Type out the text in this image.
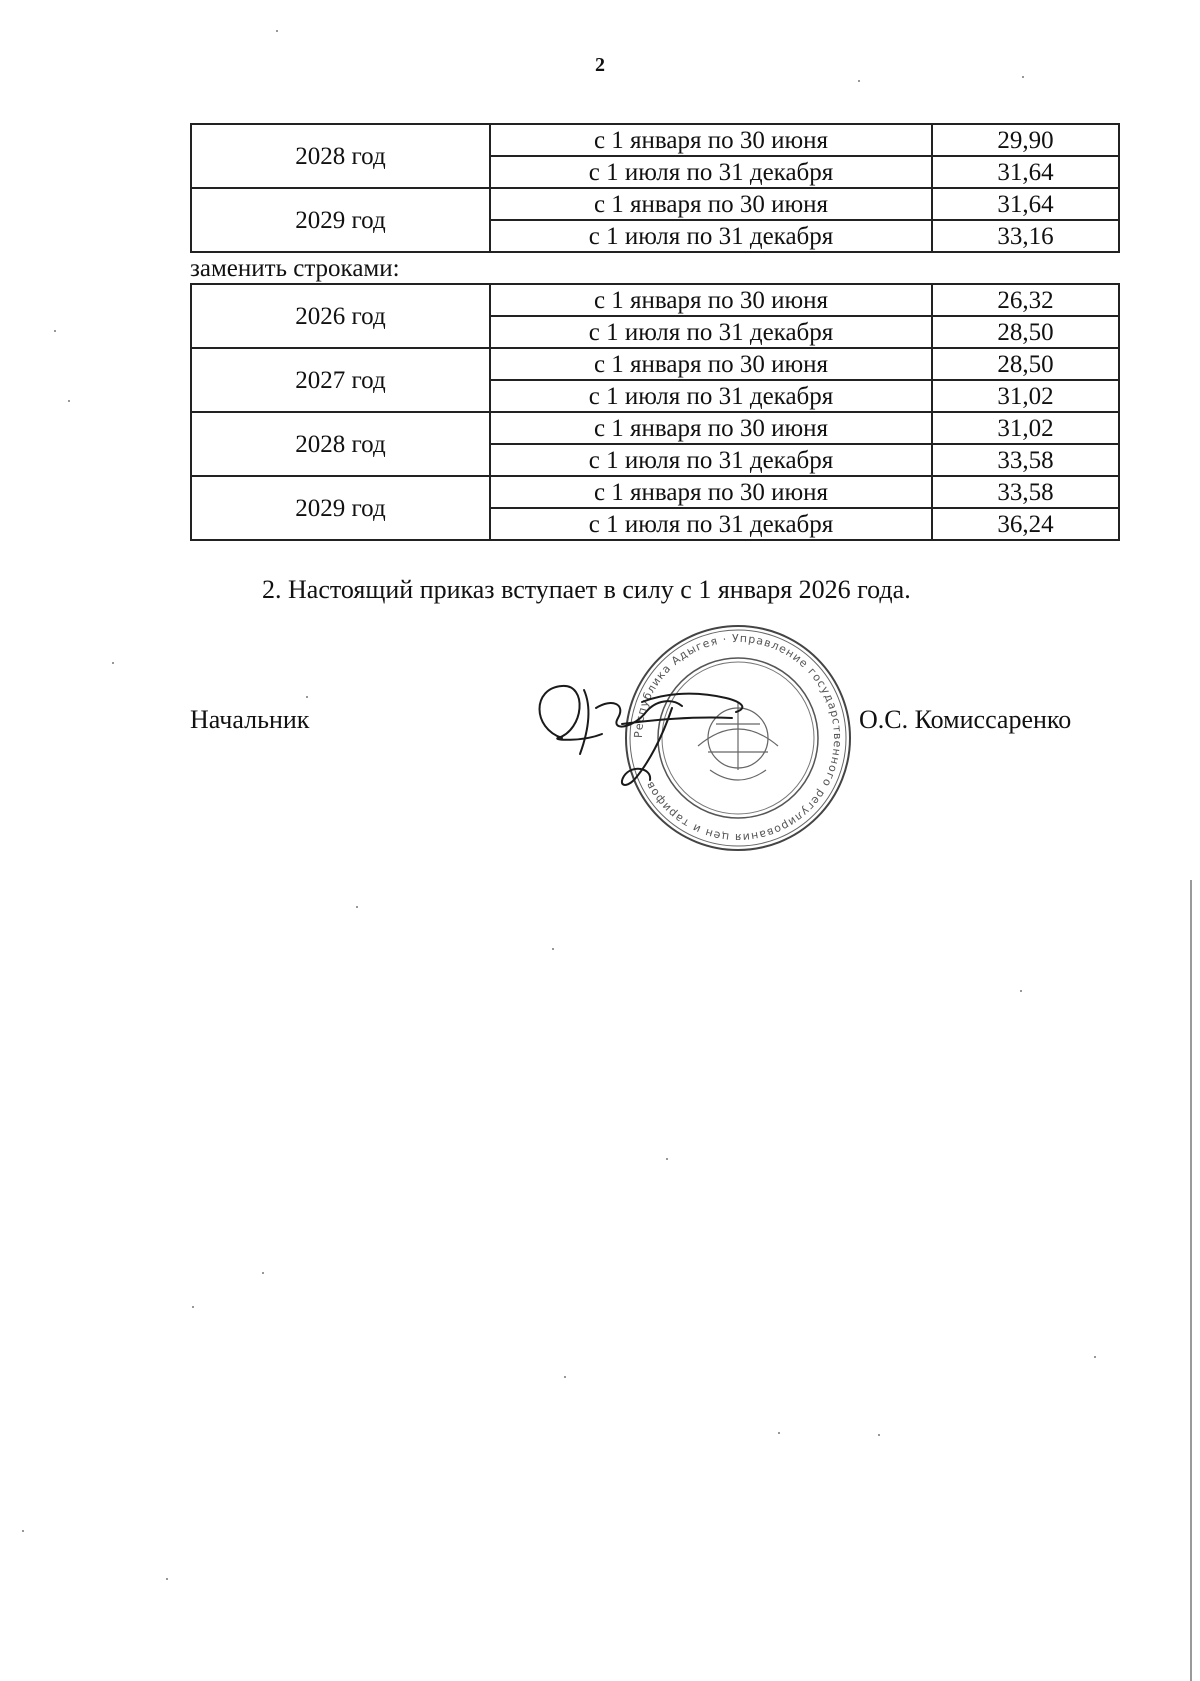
2
2028 год	с 1 января по 30 июня	29,90
	с 1 июля по 31 декабря	31,64
2029 год	с 1 января по 30 июня	31,64
	с 1 июля по 31 декабря	33,16
заменить строками:
2026 год	с 1 января по 30 июня	26,32
	с 1 июля по 31 декабря	28,50
2027 год	с 1 января по 30 июня	28,50
	с 1 июля по 31 декабря	31,02
2028 год	с 1 января по 30 июня	31,02
	с 1 июля по 31 декабря	33,58
2029 год	с 1 января по 30 июня	33,58
	с 1 июля по 31 декабря	36,24
2. Настоящий приказ вступает в силу с 1 января 2026 года.
Начальник
Республика Адыгея · Управление государственного регулирования цен и тарифов
О.С. Комиссаренко
